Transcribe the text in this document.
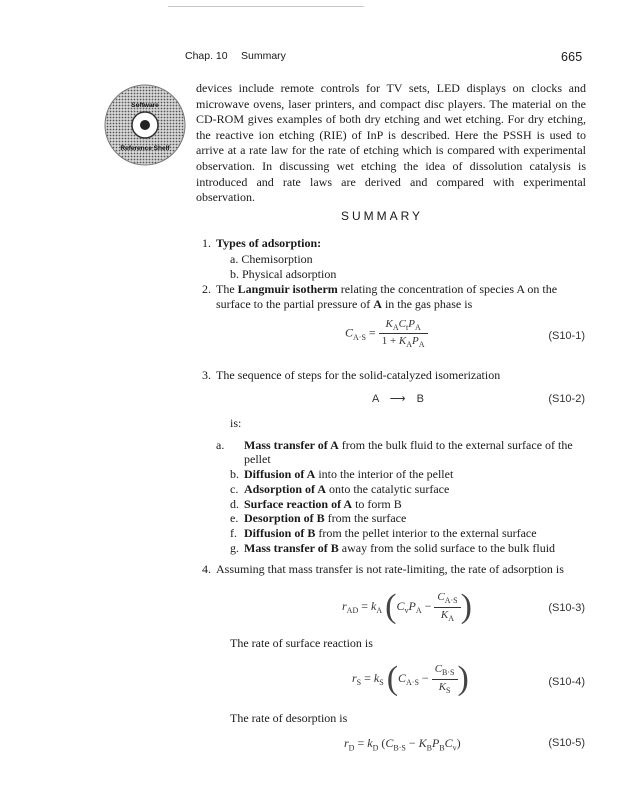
Chap. 10 Summary	665
Software
Reference Shelf
devices include remote controls for TV sets, LED displays on clocks and microwave ovens, laser printers, and compact disc players. The material on the CD-ROM gives examples of both dry etching and wet etching. For dry etching, the reactive ion etching (RIE) of InP is described. Here the PSSH is used to arrive at a rate law for the rate of etching which is compared with experimental observation. In discussing wet etching the idea of dissolution catalysis is introduced and rate laws are derived and compared with experimental observation.
SUMMARY
1. Types of adsorption:
a. Chemisorption
b. Physical adsorption
2. The Langmuir isotherm relating the concentration of species A on the surface to the partial pressure of A in the gas phase is
$C_{A\cdot S} = \frac{K_AC_tP_A}{1 + K_AP_A}$	(S10-1)
3. The sequence of steps for the solid-catalyzed isomerization
A ⟶ B	(S10-2)
is:
a. Mass transfer of A from the bulk fluid to the external surface of the pellet
b. Diffusion of A into the interior of the pellet
c. Adsorption of A onto the catalytic surface
d. Surface reaction of A to form B
e. Desorption of B from the surface
f. Diffusion of B from the pellet interior to the external surface
g. Mass transfer of B away from the solid surface to the bulk fluid
4. Assuming that mass transfer is not rate-limiting, the rate of adsorption is
$r_{AD} = k_A$ ($C_vP_A - \frac{C_{A\cdot S}}{K_A}$ )	(S10-3)
The rate of surface reaction is
$r_S = k_S$ ($C_{A\cdot S} - \frac{C_{B\cdot S}}{K_S}$ )	(S10-4)
The rate of desorption is
$r_D = k_D$ $(C_{B\cdot S} - K_BP_BC_v)$	(S10-5)
